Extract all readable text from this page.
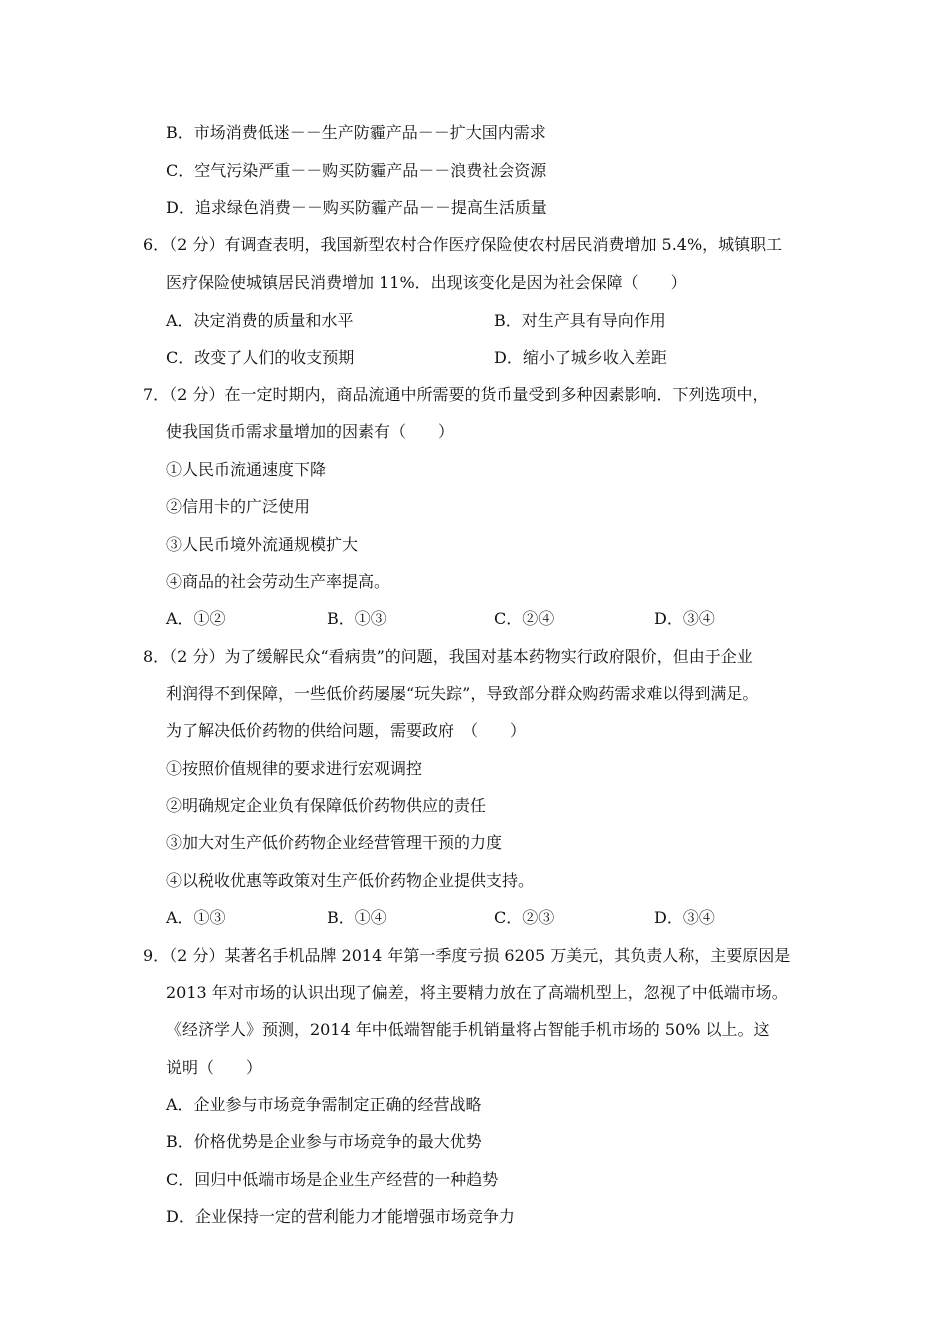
B．市场消费低迷－－生产防霾产品－－扩大国内需求
C．空气污染严重－－购买防霾产品－－浪费社会资源
D．追求绿色消费－－购买防霾产品－－提高生活质量
6．（2 分）有调查表明，我国新型农村合作医疗保险使农村居民消费增加 5.4%，城镇职工
医疗保险使城镇居民消费增加 11%．出现该变化是因为社会保障（　　）
A．决定消费的质量和水平	B．对生产具有导向作用
C．改变了人们的收支预期	D．缩小了城乡收入差距
7．（2 分）在一定时期内，商品流通中所需要的货币量受到多种因素影响．下列选项中，
使我国货币需求量增加的因素有（　　）
①人民币流通速度下降
②信用卡的广泛使用
③人民币境外流通规模扩大
④商品的社会劳动生产率提高。
A．①②	B．①③	C．②④	D．③④
8．（2 分）为了缓解民众“看病贵”的问题，我国对基本药物实行政府限价，但由于企业
利润得不到保障，一些低价药屡屡“玩失踪”，导致部分群众购药需求难以得到满足。
为了解决低价药物的供给问题，需要政府　（　　）
①按照价值规律的要求进行宏观调控
②明确规定企业负有保障低价药物供应的责任
③加大对生产低价药物企业经营管理干预的力度
④以税收优惠等政策对生产低价药物企业提供支持。
A．①③	B．①④	C．②③	D．③④
9．（2 分）某著名手机品牌 2014 年第一季度亏损 6205 万美元，其负责人称，主要原因是
2013 年对市场的认识出现了偏差，将主要精力放在了高端机型上，忽视了中低端市场。
《经济学人》预测，2014 年中低端智能手机销量将占智能手机市场的 50% 以上。这
说明（　　）
A．企业参与市场竞争需制定正确的经营战略
B．价格优势是企业参与市场竞争的最大优势
C．回归中低端市场是企业生产经营的一种趋势
D．企业保持一定的营利能力才能增强市场竞争力
